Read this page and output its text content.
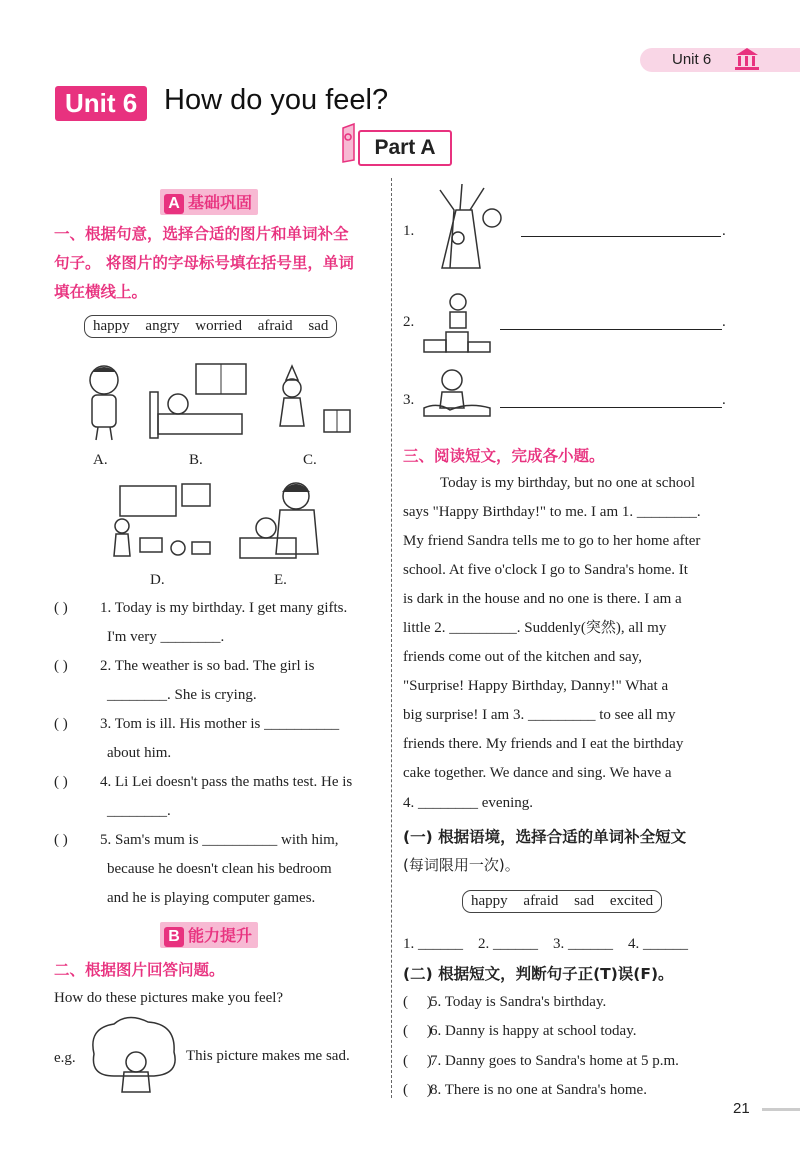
Unit 6
Unit 6 How do you feel?
Part A
A 基础巩固
一、根据句意，选择合适的图片和单词补全
句子。 将图片的字母标号填在括号里，单词
填在横线上。
happy angry worried afraid sad
A.	B.	C.
D.	E.
( ) 1. Today is my birthday. I get many gifts.
I'm very ________.
( ) 2. The weather is so bad. The girl is
________. She is crying.
( ) 3. Tom is ill. His mother is __________
about him.
( ) 4. Li Lei doesn't pass the maths test. He is
________.
( ) 5. Sam's mum is __________ with him,
because he doesn't clean his bedroom
and he is playing computer games.
B 能力提升
二、根据图片回答问题。
How do these pictures make you feel?
e.g.	This picture makes me sad.
1.	.
2.	.
3.	.
三、阅读短文，完成各小题。
Today is my birthday, but no one at school
says "Happy Birthday!" to me. I am 1. ________.
My friend Sandra tells me to go to her home after
school. At five o'clock I go to Sandra's home. It
is dark in the house and no one is there. I am a
little 2. _________. Suddenly(突然), all my
friends come out of the kitchen and say,
"Surprise! Happy Birthday, Danny!" What a
big surprise! I am 3. _________ to see all my
friends there. My friends and I eat the birthday
cake together. We dance and sing. We have a
4. ________ evening.
(一) 根据语境，选择合适的单词补全短文
(每词限用一次)。
happy afraid sad excited
1. ______    2. ______    3. ______    4. ______
(二) 根据短文，判断句子正(T)误(F)。
(     )
5. Today is Sandra's birthday.
(     )
6. Danny is happy at school today.
(     )
7. Danny goes to Sandra's home at 5 p.m.
(     )
8. There is no one at Sandra's home.
21
